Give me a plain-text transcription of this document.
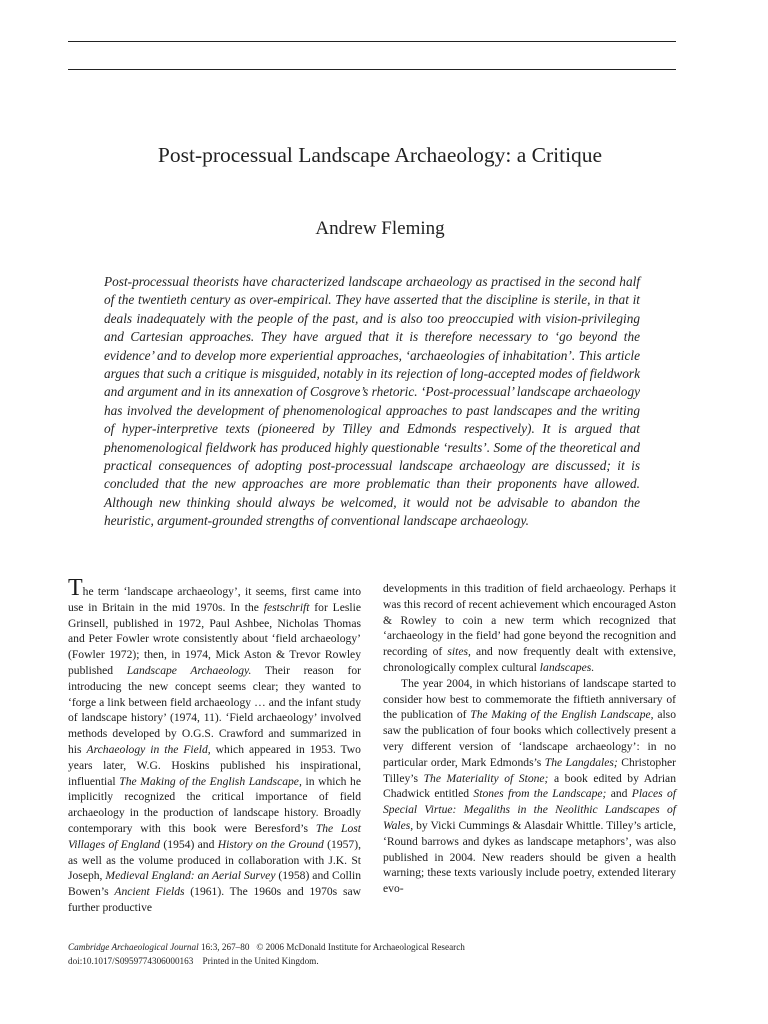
Post-processual Landscape Archaeology: a Critique
Andrew Fleming
Post-processual theorists have characterized landscape archaeology as practised in the second half of the twentieth century as over-empirical. They have asserted that the discipline is sterile, in that it deals inadequately with the people of the past, and is also too preoccupied with vision-privileging and Cartesian approaches. They have argued that it is therefore necessary to ‘go beyond the evidence’ and to develop more experiential approaches, ‘archaeologies of inhabitation’. This article argues that such a critique is misguided, notably in its rejection of long-accepted modes of fieldwork and argument and in its annexation of Cosgrove’s rhetoric. ‘Post-processual’ landscape archaeology has involved the development of phenomenological approaches to past landscapes and the writing of hyper-interpretive texts (pioneered by Tilley and Edmonds respectively). It is argued that phenomenological fieldwork has produced highly questionable ‘results’. Some of the theoretical and practical consequences of adopting post-processual landscape archaeology are discussed; it is concluded that the new approaches are more problematic than their proponents have allowed. Although new thinking should always be welcomed, it would not be advisable to abandon the heuristic, argument-grounded strengths of conventional landscape archaeology.

The term ‘landscape archaeology’, it seems, first came into use in Britain in the mid 1970s. In the festschrift for Leslie Grinsell, published in 1972, Paul Ashbee, Nicholas Thomas and Peter Fowler wrote consistently about ‘field archaeology’ (Fowler 1972); then, in 1974, Mick Aston & Trevor Rowley published Landscape Archaeology. Their reason for introducing the new concept seems clear; they wanted to ‘forge a link between field archaeology … and the infant study of landscape history’ (1974, 11). ‘Field archaeology’ involved methods developed by O.G.S. Crawford and summarized in his Archaeology in the Field, which appeared in 1953. Two years later, W.G. Hoskins published his inspirational, influential The Making of the English Landscape, in which he implicitly recognized the critical importance of field archaeology in the production of landscape history. Broadly contemporary with this book were Beresford’s The Lost Villages of England (1954) and History on the Ground (1957), as well as the volume produced in collaboration with J.K. St Joseph, Medieval England: an Aerial Survey (1958) and Collin Bowen’s Ancient Fields (1961). The 1960s and 1970s saw further productive

developments in this tradition of field archaeology. Perhaps it was this record of recent achievement which encouraged Aston & Rowley to coin a new term which recognized that ‘archaeology in the field’ had gone beyond the recognition and recording of sites, and now frequently dealt with extensive, chronologically complex cultural landscapes.

The year 2004, in which historians of landscape started to consider how best to commemorate the fiftieth anniversary of the publication of The Making of the English Landscape, also saw the publication of four books which collectively present a very different version of ‘landscape archaeology’: in no particular order, Mark Edmonds’s The Langdales; Christopher Tilley’s The Materiality of Stone; a book edited by Adrian Chadwick entitled Stones from the Landscape; and Places of Special Virtue: Megaliths in the Neolithic Landscapes of Wales, by Vicki Cummings & Alasdair Whittle. Tilley’s article, ‘Round barrows and dykes as landscape metaphors’, was also published in 2004. New readers should be given a health warning; these texts variously include poetry, extended literary evo-

Cambridge Archaeological Journal 16:3, 267–80 © 2006 McDonald Institute for Archaeological Research
doi:10.1017/S0959774306000163 Printed in the United Kingdom.
